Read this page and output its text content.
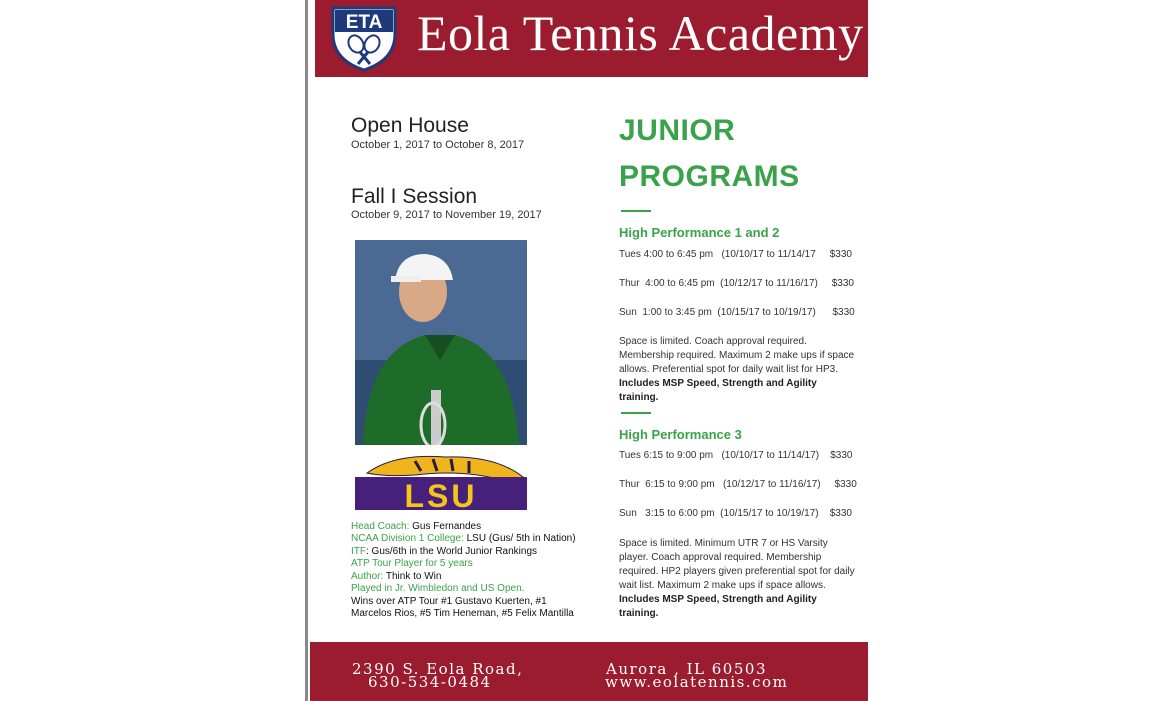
ETA Eola Tennis Academy
Open House
October 1, 2017 to October 8, 2017
Fall I Session
October 9, 2017 to November 19, 2017
LSU
Head Coach: Gus Fernandes
NCAA Division 1 College: LSU (Gus/ 5th in Nation)
ITF: Gus/6th in the World Junior Rankings
ATP Tour Player for 5 years
Author: Think to Win
Played in Jr. Wimbledon and US Open.
Wins over ATP Tour #1 Gustavo Kuerten, #1
Marcelos Rios, #5 Tim Heneman, #5 Felix Mantilla
JUNIOR
PROGRAMS
High Performance 1 and 2
Tues 4:00 to 6:45 pm   (10/10/17 to 11/14/17     $330
Thur  4:00 to 6:45 pm  (10/12/17 to 11/16/17)     $330
Sun  1:00 to 3:45 pm  (10/15/17 to 10/19/17)      $330
Space is limited. Coach approval required. Membership required. Maximum 2 make ups if space allows. Preferential spot for daily wait list for HP3.
Includes MSP Speed, Strength and Agility training.
High Performance 3
Tues 6:15 to 9:00 pm   (10/10/17 to 11/14/17)    $330
Thur  6:15 to 9:00 pm   (10/12/17 to 11/16/17)     $330
Sun   3:15 to 6:00 pm  (10/15/17 to 10/19/17)    $330
Space is limited. Minimum UTR 7 or HS Varsity player. Coach approval required. Membership required. HP2 players given preferential spot for daily wait list. Maximum 2 make ups if space allows.
Includes MSP Speed, Strength and Agility training.
2390 S. Eola Road,	Aurora , IL 60503
630-534-0484	www.eolatennis.com
